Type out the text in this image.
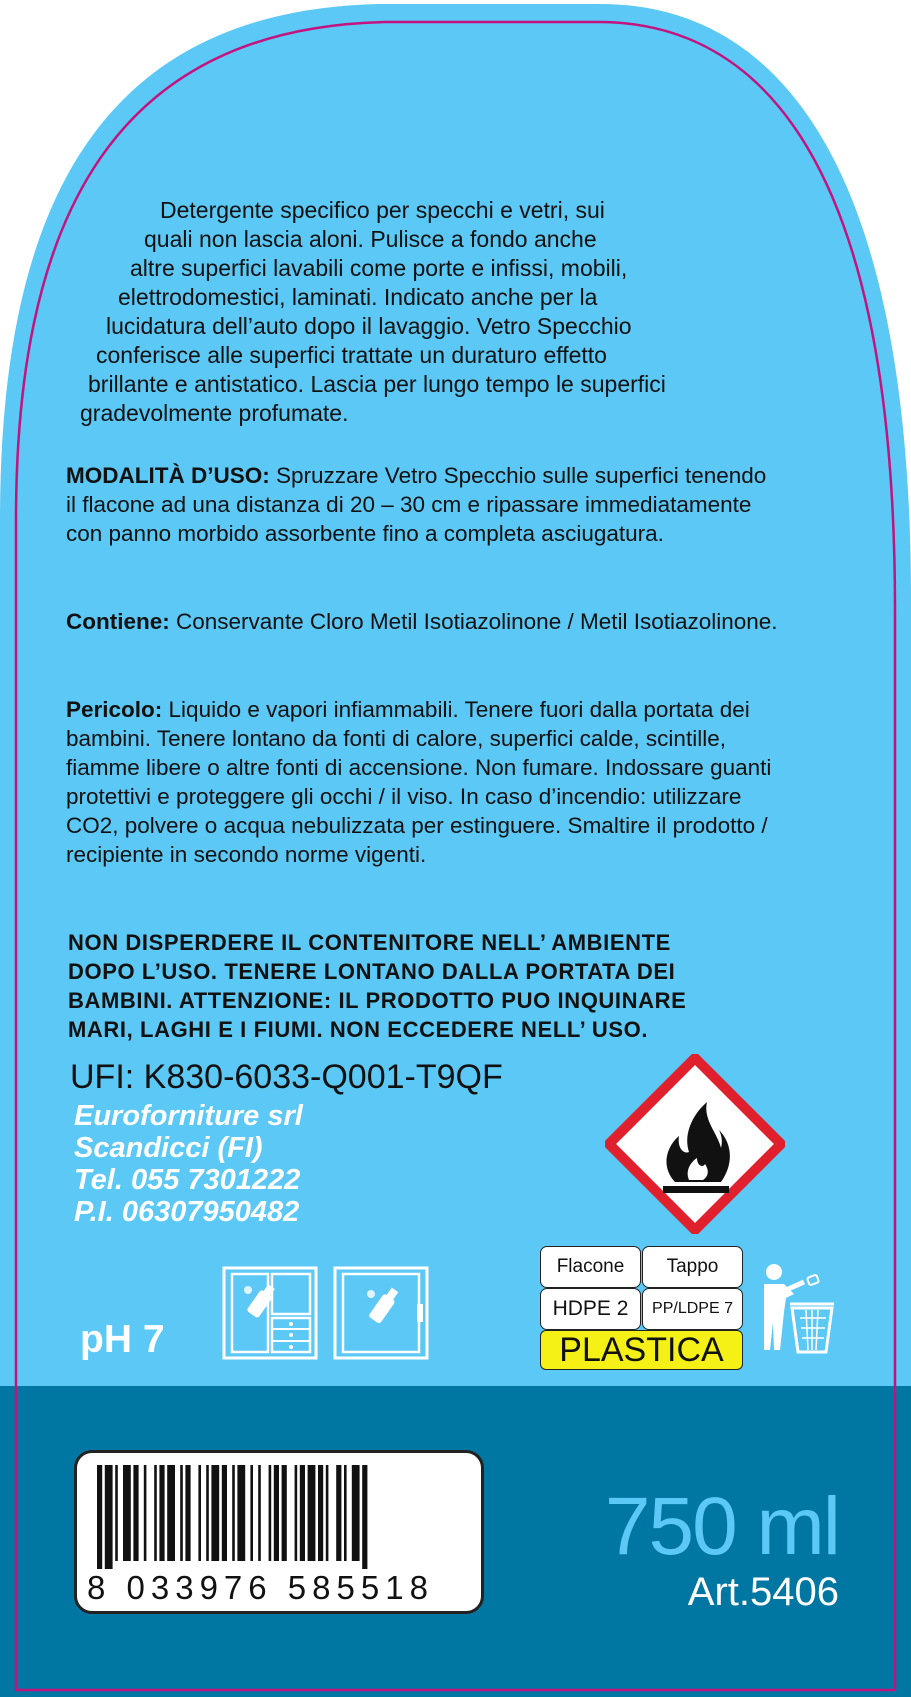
Detergente specifico per specchi e vetri, sui
quali non lascia aloni. Pulisce a fondo anche
altre superfici lavabili come porte e infissi, mobili,
elettrodomestici, laminati. Indicato anche per la
lucidatura dell’auto dopo il lavaggio. Vetro Specchio
conferisce alle superfici trattate un duraturo effetto
brillante e antistatico. Lascia per lungo tempo le superfici
gradevolmente profumate.
MODALITÀ D’USO: Spruzzare Vetro Specchio sulle superfici tenendo il flacone ad una distanza di 20 – 30 cm e ripassare immediatamente con panno morbido assorbente fino a completa asciugatura.
Contiene: Conservante Cloro Metil Isotiazolinone / Metil Isotiazolinone.
Pericolo: Liquido e vapori infiammabili. Tenere fuori dalla portata dei bambini. Tenere lontano da fonti di calore, superfici calde, scintille, fiamme libere o altre fonti di accensione. Non fumare. Indossare guanti protettivi e proteggere gli occhi / il viso. In caso d’incendio: utilizzare CO2, polvere o acqua nebulizzata per estinguere. Smaltire il prodotto / recipiente in secondo norme vigenti.
NON DISPERDERE IL CONTENITORE NELL’ AMBIENTE
DOPO L’USO. TENERE LONTANO DALLA PORTATA DEI
BAMBINI. ATTENZIONE: IL PRODOTTO PUO INQUINARE
MARI, LAGHI E I FIUMI. NON ECCEDERE NELL’ USO.
UFI: K830-6033-Q001-T9QF
Euroforniture srl
Scandicci (FI)
Tel. 055 7301222
P.I. 06307950482
pH 7
Flacone	Tappo
HDPE 2	PP/LDPE 7
PLASTICA
8 033976 585518
750 ml
Art.5406
